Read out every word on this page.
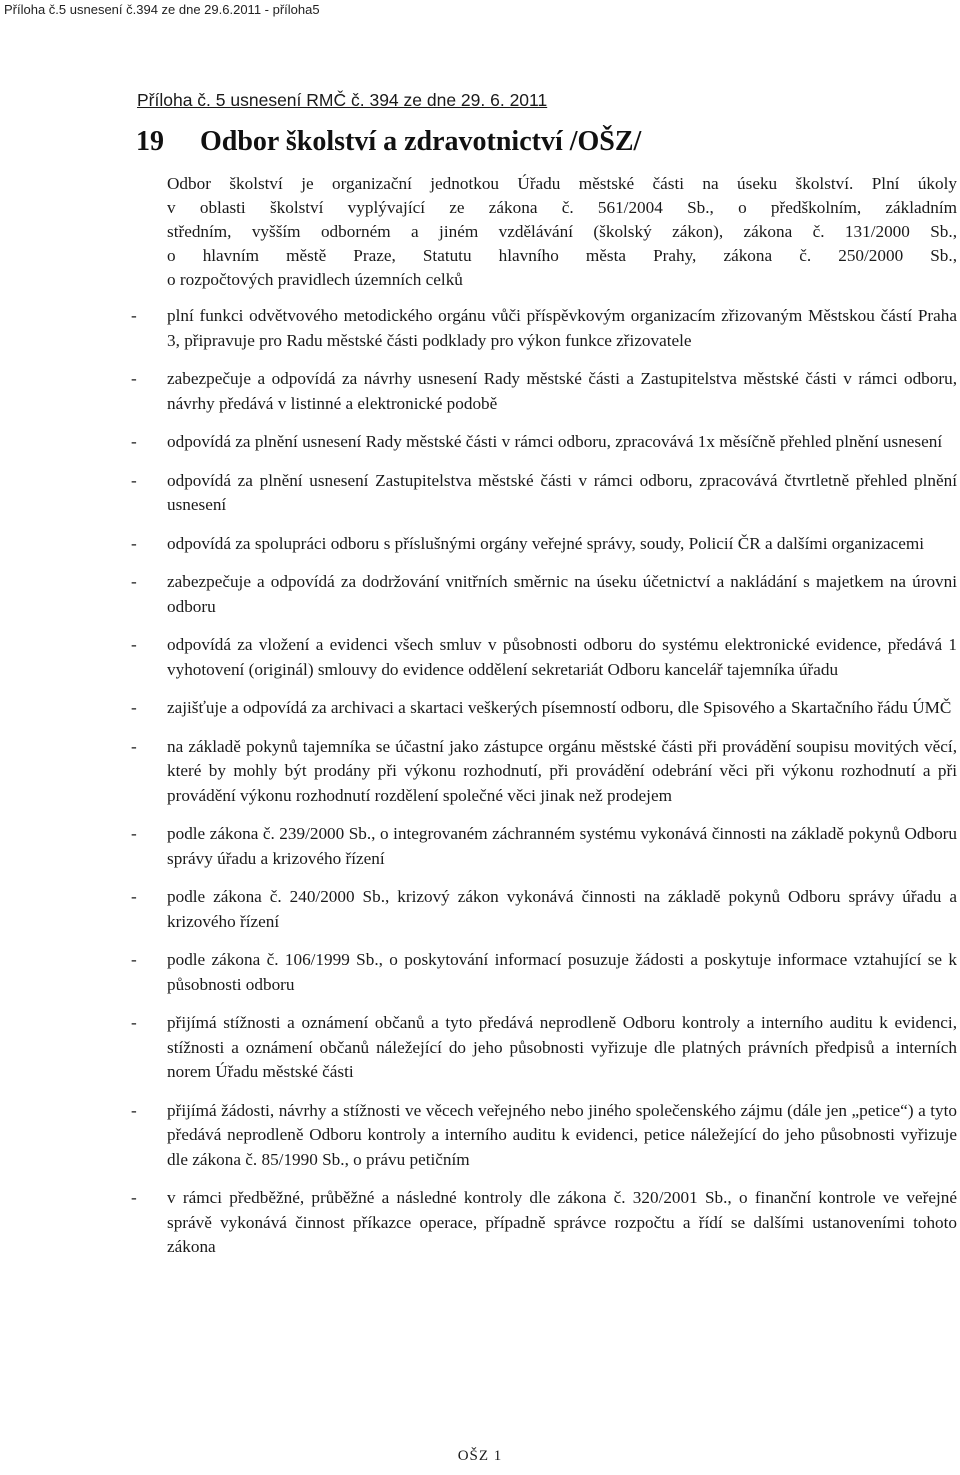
Příloha č.5 usnesení č.394 ze dne 29.6.2011 - příloha5
Příloha č. 5 usnesení RMČ č. 394 ze dne 29. 6. 2011
19 Odbor školství a zdravotnictví /OŠZ/

Odbor školství je organizační jednotkou Úřadu městské části na úseku školství. Plní úkoly
v oblasti školství vyplývající ze zákona č. 561/2004 Sb., o předškolním, základním
středním, vyšším odborném a jiném vzdělávání (školský zákon), zákona č. 131/2000 Sb.,
o hlavním městě Praze, Statutu hlavního města Prahy, zákona č. 250/2000 Sb.,
o rozpočtových pravidlech územních celků

-	plní funkci odvětvového metodického orgánu vůči příspěvkovým organizacím zřizovaným Městskou částí Praha 3, připravuje pro Radu městské části podklady pro výkon funkce zřizovatele
-	zabezpečuje a odpovídá za návrhy usnesení Rady městské části a Zastupitelstva městské části v rámci odboru, návrhy předává v listinné a elektronické podobě
-	odpovídá za plnění usnesení Rady městské části v rámci odboru, zpracovává 1x měsíčně přehled plnění usnesení
-	odpovídá za plnění usnesení Zastupitelstva městské části v rámci odboru, zpracovává čtvrtletně přehled plnění usnesení
-	odpovídá za spolupráci odboru s příslušnými orgány veřejné správy, soudy, Policií ČR a dalšími organizacemi
-	zabezpečuje a odpovídá za dodržování vnitřních směrnic na úseku účetnictví a nakládání s majetkem na úrovni odboru
-	odpovídá za vložení a evidenci všech smluv v působnosti odboru do systému elektronické evidence, předává 1 vyhotovení (originál) smlouvy do evidence oddělení sekretariát Odboru kancelář tajemníka úřadu
-	zajišťuje a odpovídá za archivaci a skartaci veškerých písemností odboru, dle Spisového a Skartačního řádu ÚMČ
-	na základě pokynů tajemníka se účastní jako zástupce orgánu městské části při provádění soupisu movitých věcí, které by mohly být prodány při výkonu rozhodnutí, při provádění odebrání věci při výkonu rozhodnutí a při provádění výkonu rozhodnutí rozdělení společné věci jinak než prodejem
-	podle zákona č. 239/2000 Sb., o integrovaném záchranném systému vykonává činnosti na základě pokynů Odboru správy úřadu a krizového řízení
-	podle zákona č. 240/2000 Sb., krizový zákon vykonává činnosti na základě pokynů Odboru správy úřadu a krizového řízení
-	podle zákona č. 106/1999 Sb., o poskytování informací posuzuje žádosti a poskytuje informace vztahující se k působnosti odboru
-	přijímá stížnosti a oznámení občanů a tyto předává neprodleně Odboru kontroly a interního auditu k evidenci, stížnosti a oznámení občanů náležející do jeho působnosti vyřizuje dle platných právních předpisů a interních norem Úřadu městské části
-	přijímá žádosti, návrhy a stížnosti ve věcech veřejného nebo jiného společenského zájmu (dále jen „petice“) a tyto předává neprodleně Odboru kontroly a interního auditu k evidenci, petice náležející do jeho působnosti vyřizuje dle zákona č. 85/1990 Sb., o právu petičním
-	v rámci předběžné, průběžné a následné kontroly dle zákona č. 320/2001 Sb., o finanční kontrole ve veřejné správě vykonává činnost příkazce operace, případně správce rozpočtu a řídí se dalšími ustanoveními tohoto zákona
OŠZ 1
